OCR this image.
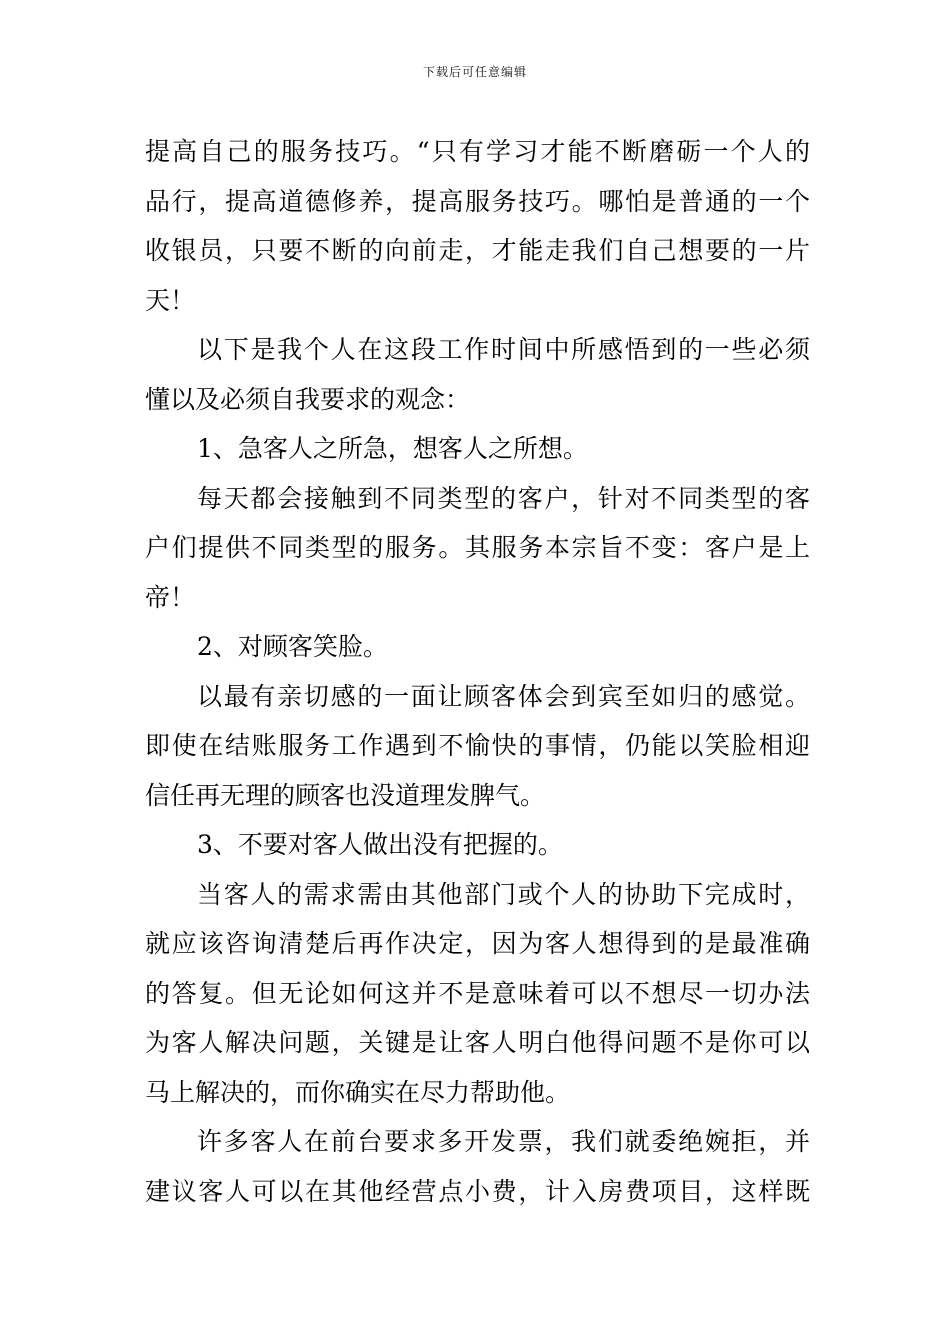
下载后可任意编辑
提高自己的服务技巧。“只有学习才能不断磨砺一个人的
品行，提高道德修养，提高服务技巧。哪怕是普通的一个
收银员，只要不断的向前走，才能走我们自己想要的一片
天！
以下是我个人在这段工作时间中所感悟到的一些必须
懂以及必须自我要求的观念：
1、急客人之所急，想客人之所想。
每天都会接触到不同类型的客户，针对不同类型的客
户们提供不同类型的服务。其服务本宗旨不变：客户是上
帝！
2、对顾客笑脸。
以最有亲切感的一面让顾客体会到宾至如归的感觉。
即使在结账服务工作遇到不愉快的事情，仍能以笑脸相迎
信任再无理的顾客也没道理发脾气。
3、不要对客人做出没有把握的。
当客人的需求需由其他部门或个人的协助下完成时，
就应该咨询清楚后再作决定，因为客人想得到的是最准确
的答复。但无论如何这并不是意味着可以不想尽一切办法
为客人解决问题，关键是让客人明白他得问题不是你可以
马上解决的，而你确实在尽力帮助他。
许多客人在前台要求多开发票，我们就委绝婉拒，并
建议客人可以在其他经营点小费，计入房费项目，这样既
